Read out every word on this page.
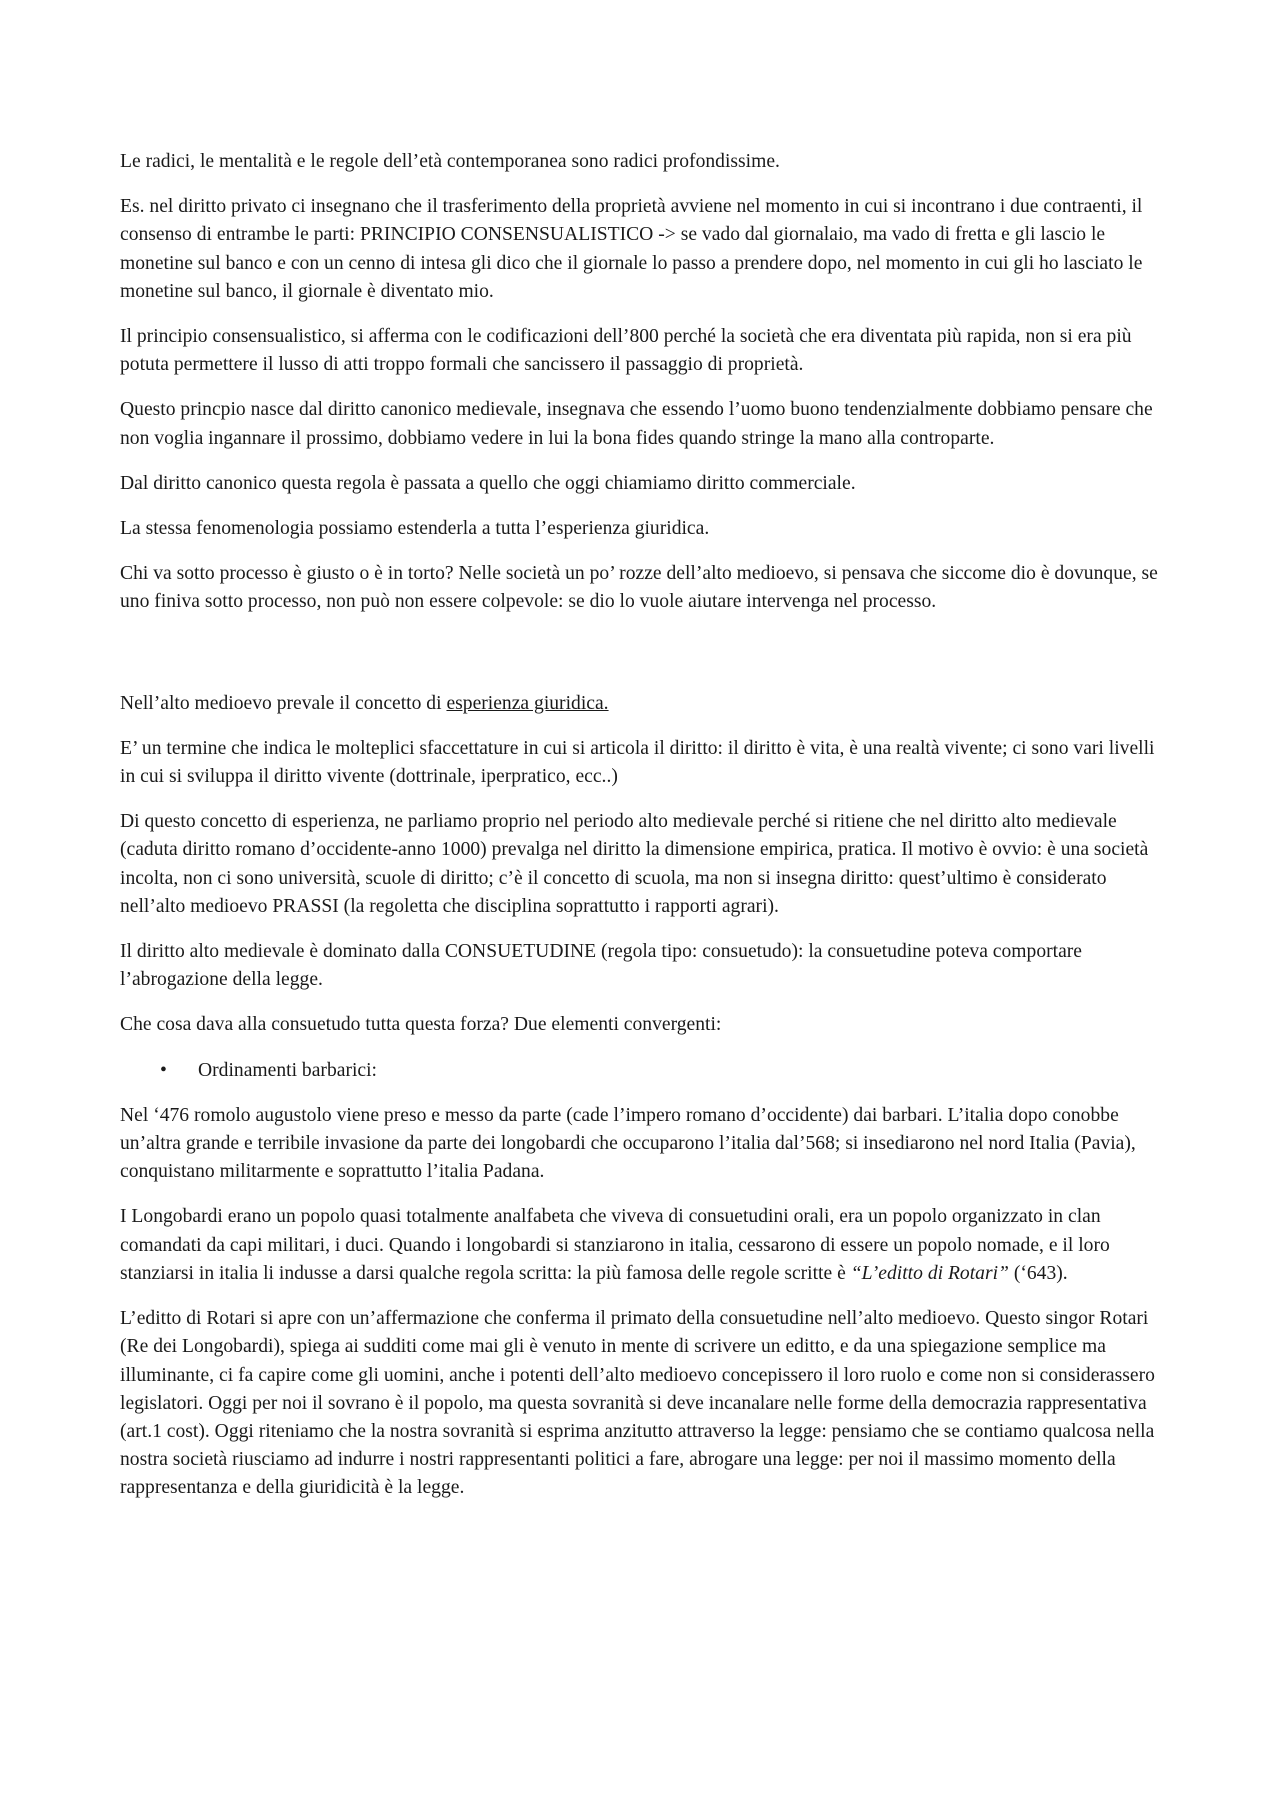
Le radici, le mentalità e le regole dell’età contemporanea sono radici profondissime.

Es. nel diritto privato ci insegnano che il trasferimento della proprietà avviene nel momento in cui si incontrano i due contraenti, il consenso di entrambe le parti: PRINCIPIO CONSENSUALISTICO -> se vado dal giornalaio, ma vado di fretta e gli lascio le monetine sul banco e con un cenno di intesa gli dico che il giornale lo passo a prendere dopo, nel momento in cui gli ho lasciato le monetine sul banco, il giornale è diventato mio.

Il principio consensualistico, si afferma con le codificazioni dell’800 perché la società che era diventata più rapida, non si era più potuta permettere il lusso di atti troppo formali che sancissero il passaggio di proprietà.

Questo princpio nasce dal diritto canonico medievale, insegnava che essendo l’uomo buono tendenzialmente dobbiamo pensare che non voglia ingannare il prossimo, dobbiamo vedere in lui la bona fides quando stringe la mano alla controparte.

Dal diritto canonico questa regola è passata a quello che oggi chiamiamo diritto commerciale.

La stessa fenomenologia possiamo estenderla a tutta l’esperienza giuridica.

Chi va sotto processo è giusto o è in torto? Nelle società un po’ rozze dell’alto medioevo, si pensava che siccome dio è dovunque, se uno finiva sotto processo, non può non essere colpevole: se dio lo vuole aiutare intervenga nel processo.

Nell’alto medioevo prevale il concetto di esperienza giuridica.

E’ un termine che indica le molteplici sfaccettature in cui si articola il diritto: il diritto è vita, è una realtà vivente; ci sono vari livelli in cui si sviluppa il diritto vivente (dottrinale, iperpratico, ecc..)

Di questo concetto di esperienza, ne parliamo proprio nel periodo alto medievale perché si ritiene che nel diritto alto medievale (caduta diritto romano d’occidente-anno 1000) prevalga nel diritto la dimensione empirica, pratica. Il motivo è ovvio: è una società incolta, non ci sono università, scuole di diritto; c’è il concetto di scuola, ma non si insegna diritto: quest’ultimo è considerato nell’alto medioevo PRASSI (la regoletta che disciplina soprattutto i rapporti agrari).

Il diritto alto medievale è dominato dalla CONSUETUDINE (regola tipo: consuetudo): la consuetudine poteva comportare l’abrogazione della legge.

Che cosa dava alla consuetudo tutta questa forza? Due elementi convergenti:

•	Ordinamenti barbarici:

Nel ‘476 romolo augustolo viene preso e messo da parte (cade l’impero romano d’occidente) dai barbari. L’italia dopo conobbe un’altra grande e terribile invasione da parte dei longobardi che occuparono l’italia dal’568; si insediarono nel nord Italia (Pavia), conquistano militarmente e soprattutto l’italia Padana.

I Longobardi erano un popolo quasi totalmente analfabeta che viveva di consuetudini orali, era un popolo organizzato in clan comandati da capi militari, i duci. Quando i longobardi si stanziarono in italia, cessarono di essere un popolo nomade, e il loro stanziarsi in italia li indusse a darsi qualche regola scritta: la più famosa delle regole scritte è “L’editto di Rotari” (‘643).

L’editto di Rotari si apre con un’affermazione che conferma il primato della consuetudine nell’alto medioevo. Questo singor Rotari (Re dei Longobardi), spiega ai sudditi come mai gli è venuto in mente di scrivere un editto, e da una spiegazione semplice ma illuminante, ci fa capire come gli uomini, anche i potenti dell’alto medioevo concepissero il loro ruolo e come non si considerassero legislatori. Oggi per noi il sovrano è il popolo, ma questa sovranità si deve incanalare nelle forme della democrazia rappresentativa (art.1 cost). Oggi riteniamo che la nostra sovranità si esprima anzitutto attraverso la legge: pensiamo che se contiamo qualcosa nella nostra società riusciamo ad indurre i nostri rappresentanti politici a fare, abrogare una legge: per noi il massimo momento della rappresentanza e della giuridicità è la legge.
